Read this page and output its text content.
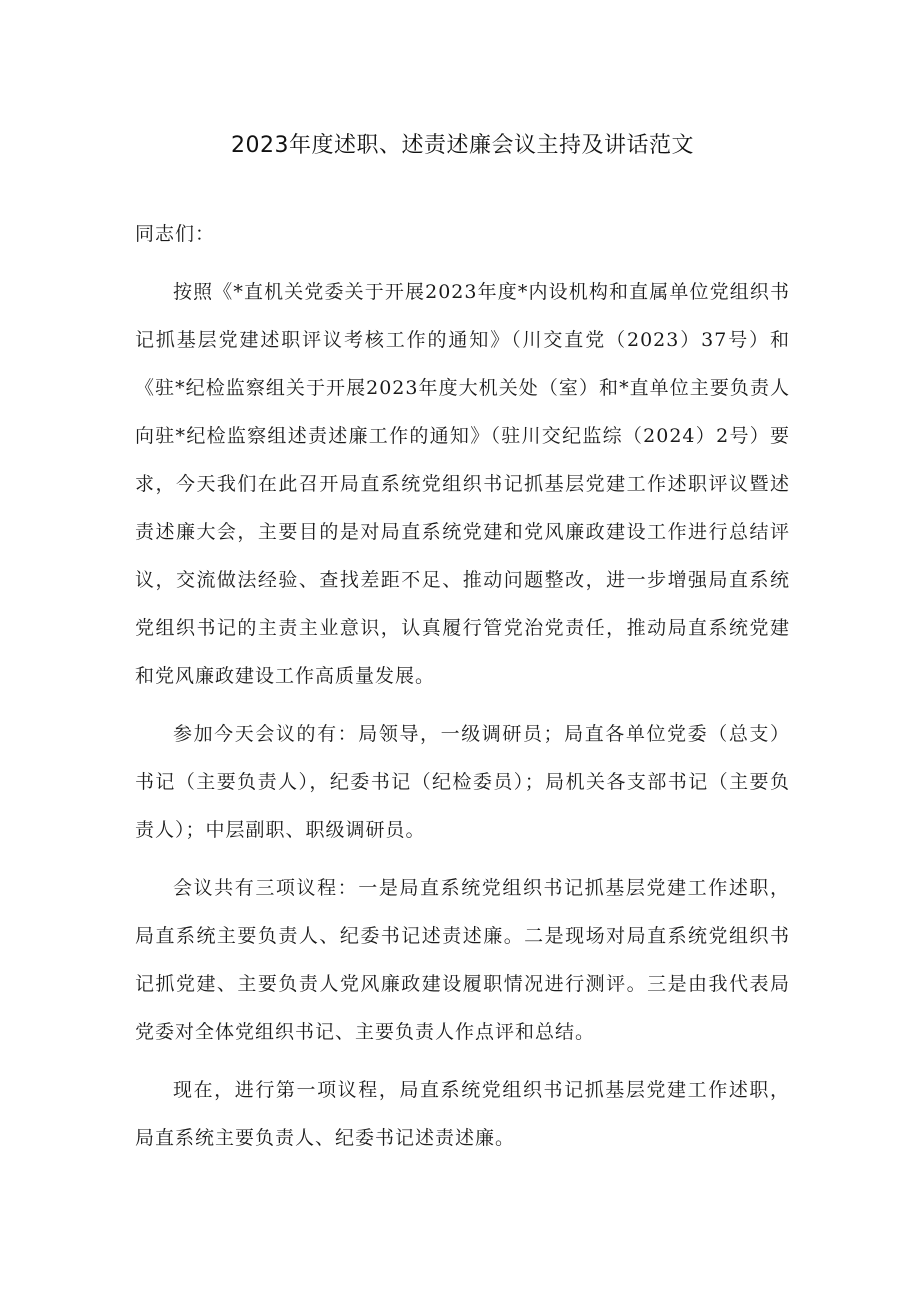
2023年度述职、述责述廉会议主持及讲话范文

同志们：

按照《*直机关党委关于开展2023年度*内设机构和直属单位党组织书记抓基层党建述职评议考核工作的通知》（川交直党（2023）37号）和《驻*纪检监察组关于开展2023年度大机关处（室）和*直单位主要负责人向驻*纪检监察组述责述廉工作的通知》（驻川交纪监综（2024）2号）要求，今天我们在此召开局直系统党组织书记抓基层党建工作述职评议暨述责述廉大会，主要目的是对局直系统党建和党风廉政建设工作进行总结评议，交流做法经验、查找差距不足、推动问题整改，进一步增强局直系统党组织书记的主责主业意识，认真履行管党治党责任，推动局直系统党建和党风廉政建设工作高质量发展。

参加今天会议的有：局领导，一级调研员；局直各单位党委（总支）书记（主要负责人），纪委书记（纪检委员）；局机关各支部书记（主要负责人）；中层副职、职级调研员。

会议共有三项议程：一是局直系统党组织书记抓基层党建工作述职，局直系统主要负责人、纪委书记述责述廉。二是现场对局直系统党组织书记抓党建、主要负责人党风廉政建设履职情况进行测评。三是由我代表局党委对全体党组织书记、主要负责人作点评和总结。

现在，进行第一项议程，局直系统党组织书记抓基层党建工作述职，局直系统主要负责人、纪委书记述责述廉。
